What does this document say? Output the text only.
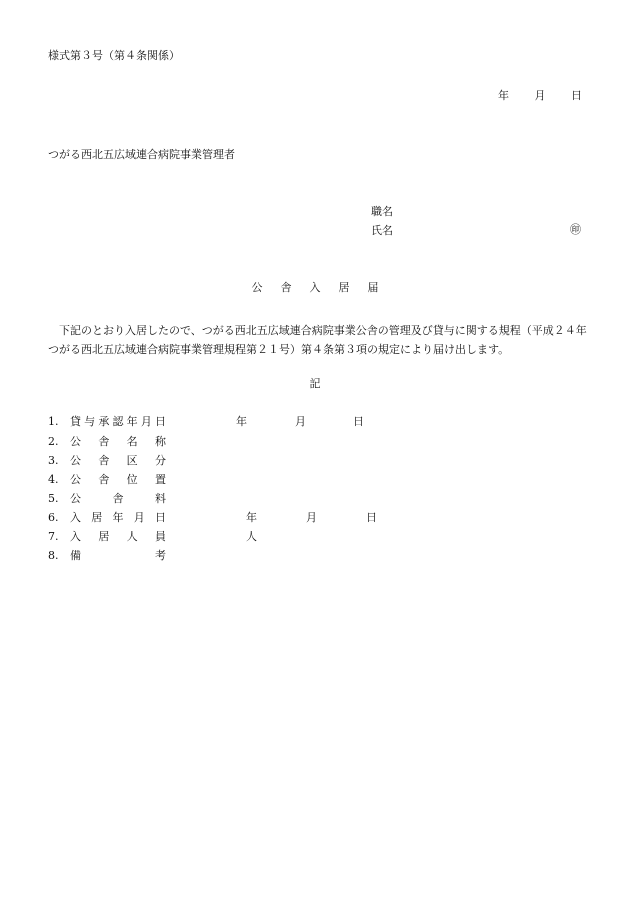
様式第３号（第４条関係）
年 月 日
つがる西北五広域連合病院事業管理者
職名
氏名	㊞
公 舎 入 居 届
下記のとおり入居したので、つがる西北五広域連合病院事業公舎の管理及び貸与に関する規程（平成２４年つがる西北五広域連合病院事業管理規程第２１号）第４条第３項の規定により届け出します。
記
1. 貸与承認年月日	年	月	日
2. 公　舎　名　称
3. 公　舎　区　分
4. 公　舎　位　置
5. 公　　舎　　料
6. 入 居 年 月 日	年	月	日
7. 入　居　人　員	人
8. 備　　　　　考
